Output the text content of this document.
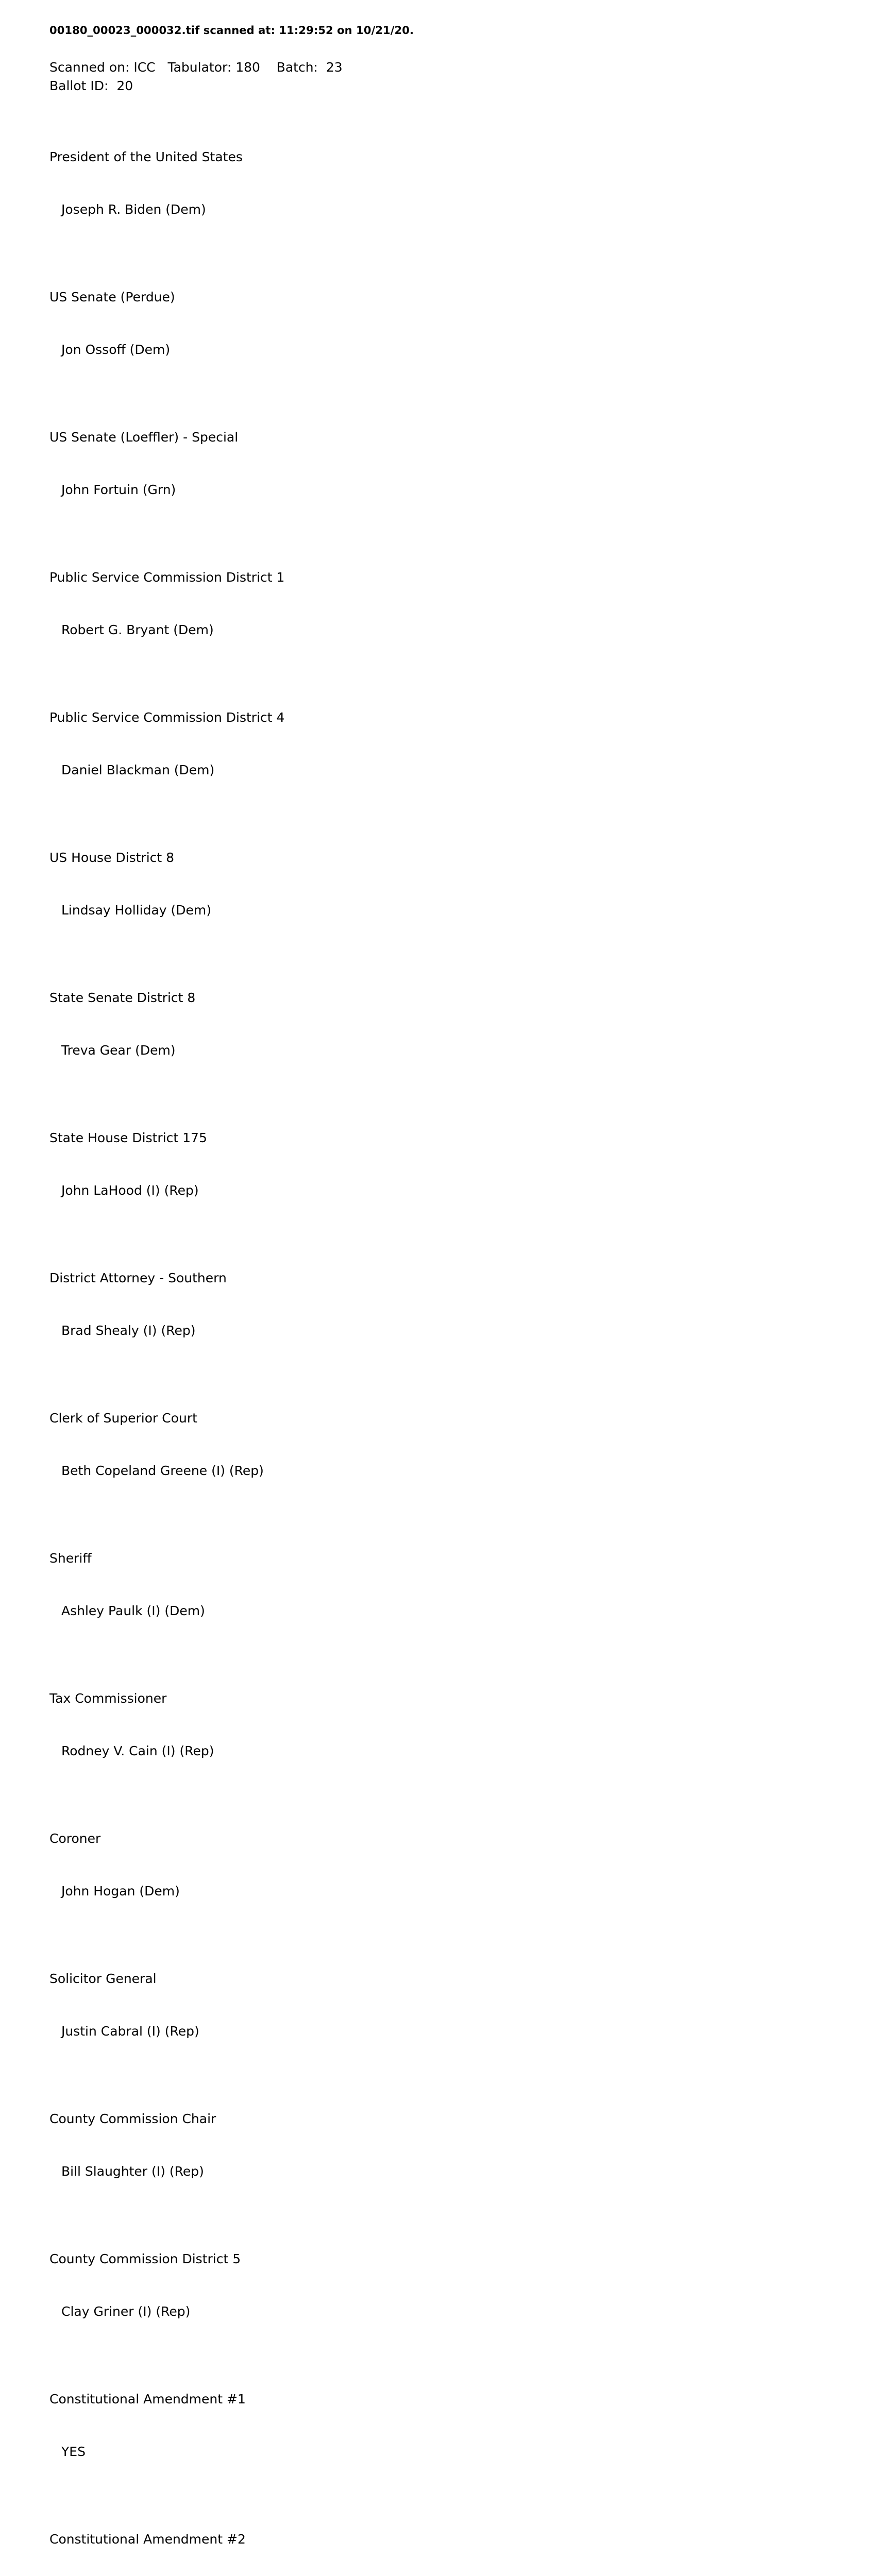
00180_00023_000032.tif scanned at: 11:29:52 on 10/21/20.
Scanned on: ICC   Tabulator: 180    Batch:  23
Ballot ID:  20

President of the United States

Joseph R. Biden (Dem)

US Senate (Perdue)

Jon Ossoff (Dem)

US Senate (Loeffler) - Special

John Fortuin (Grn)

Public Service Commission District 1

Robert G. Bryant (Dem)

Public Service Commission District 4

Daniel Blackman (Dem)

US House District 8

Lindsay Holliday (Dem)

State Senate District 8

Treva Gear (Dem)

State House District 175

John LaHood (I) (Rep)

District Attorney - Southern

Brad Shealy (I) (Rep)

Clerk of Superior Court

Beth Copeland Greene (I) (Rep)

Sheriff

Ashley Paulk (I) (Dem)

Tax Commissioner

Rodney V. Cain (I) (Rep)

Coroner

John Hogan (Dem)

Solicitor General

Justin Cabral (I) (Rep)

County Commission Chair

Bill Slaughter (I) (Rep)

County Commission District 5

Clay Griner (I) (Rep)

Constitutional Amendment #1

YES

Constitutional Amendment #2
